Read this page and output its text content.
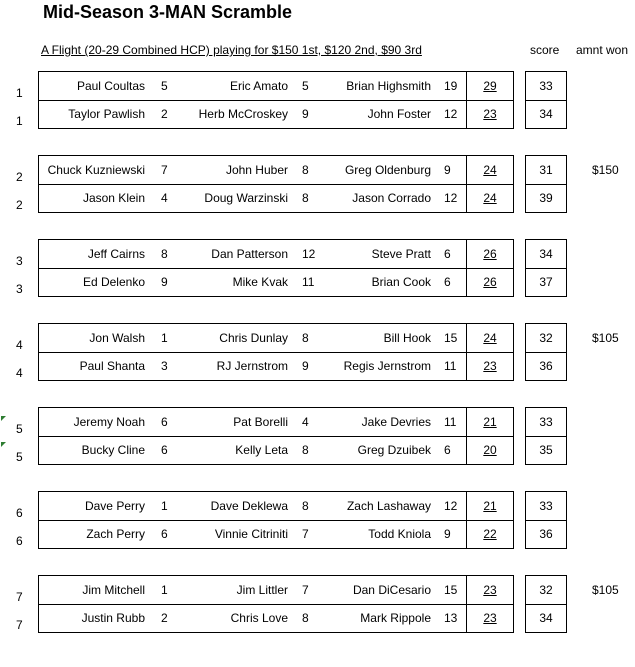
Mid-Season 3-MAN Scramble
A Flight (20-29 Combined HCP) playing for $150 1st, $120 2nd, $90 3rd	score amnt won
1	Paul Coultas 5	Eric Amato 5	Brian Highsmith 19	29	33
1	Taylor Pawlish 2	Herb McCroskey 9	John Foster 12	23	34
2 Chuck Kuzniewski 7	John Huber 8	Greg Oldenburg 9	24	31	$150
2	Jason Klein 4	Doug Warzinski 8	Jason Corrado 12	24	39
3	Jeff Cairns 8	Dan Patterson 12	Steve Pratt 6	26	34
3	Ed Delenko 9	Mike Kvak 11	Brian Cook 6	26	37
4	Jon Walsh 1	Chris Dunlay 8	Bill Hook 15	24	32	$105
4	Paul Shanta 3	RJ Jernstrom 9	Regis Jernstrom 11	23	36
5	Jeremy Noah 6	Pat Borelli 4	Jake Devries 11	21	33
5	Bucky Cline 6	Kelly Leta 8	Greg Dzuibek 6	20	35
6	Dave Perry 1	Dave Deklewa 8	Zach Lashaway 12	21	33
6	Zach Perry 6	Vinnie Citriniti 7	Todd Kniola 9	22	36
7	Jim Mitchell 1	Jim Littler 7	Dan DiCesario 15	23	32	$105
7	Justin Rubb 2	Chris Love 8	Mark Rippole 13	23	34
